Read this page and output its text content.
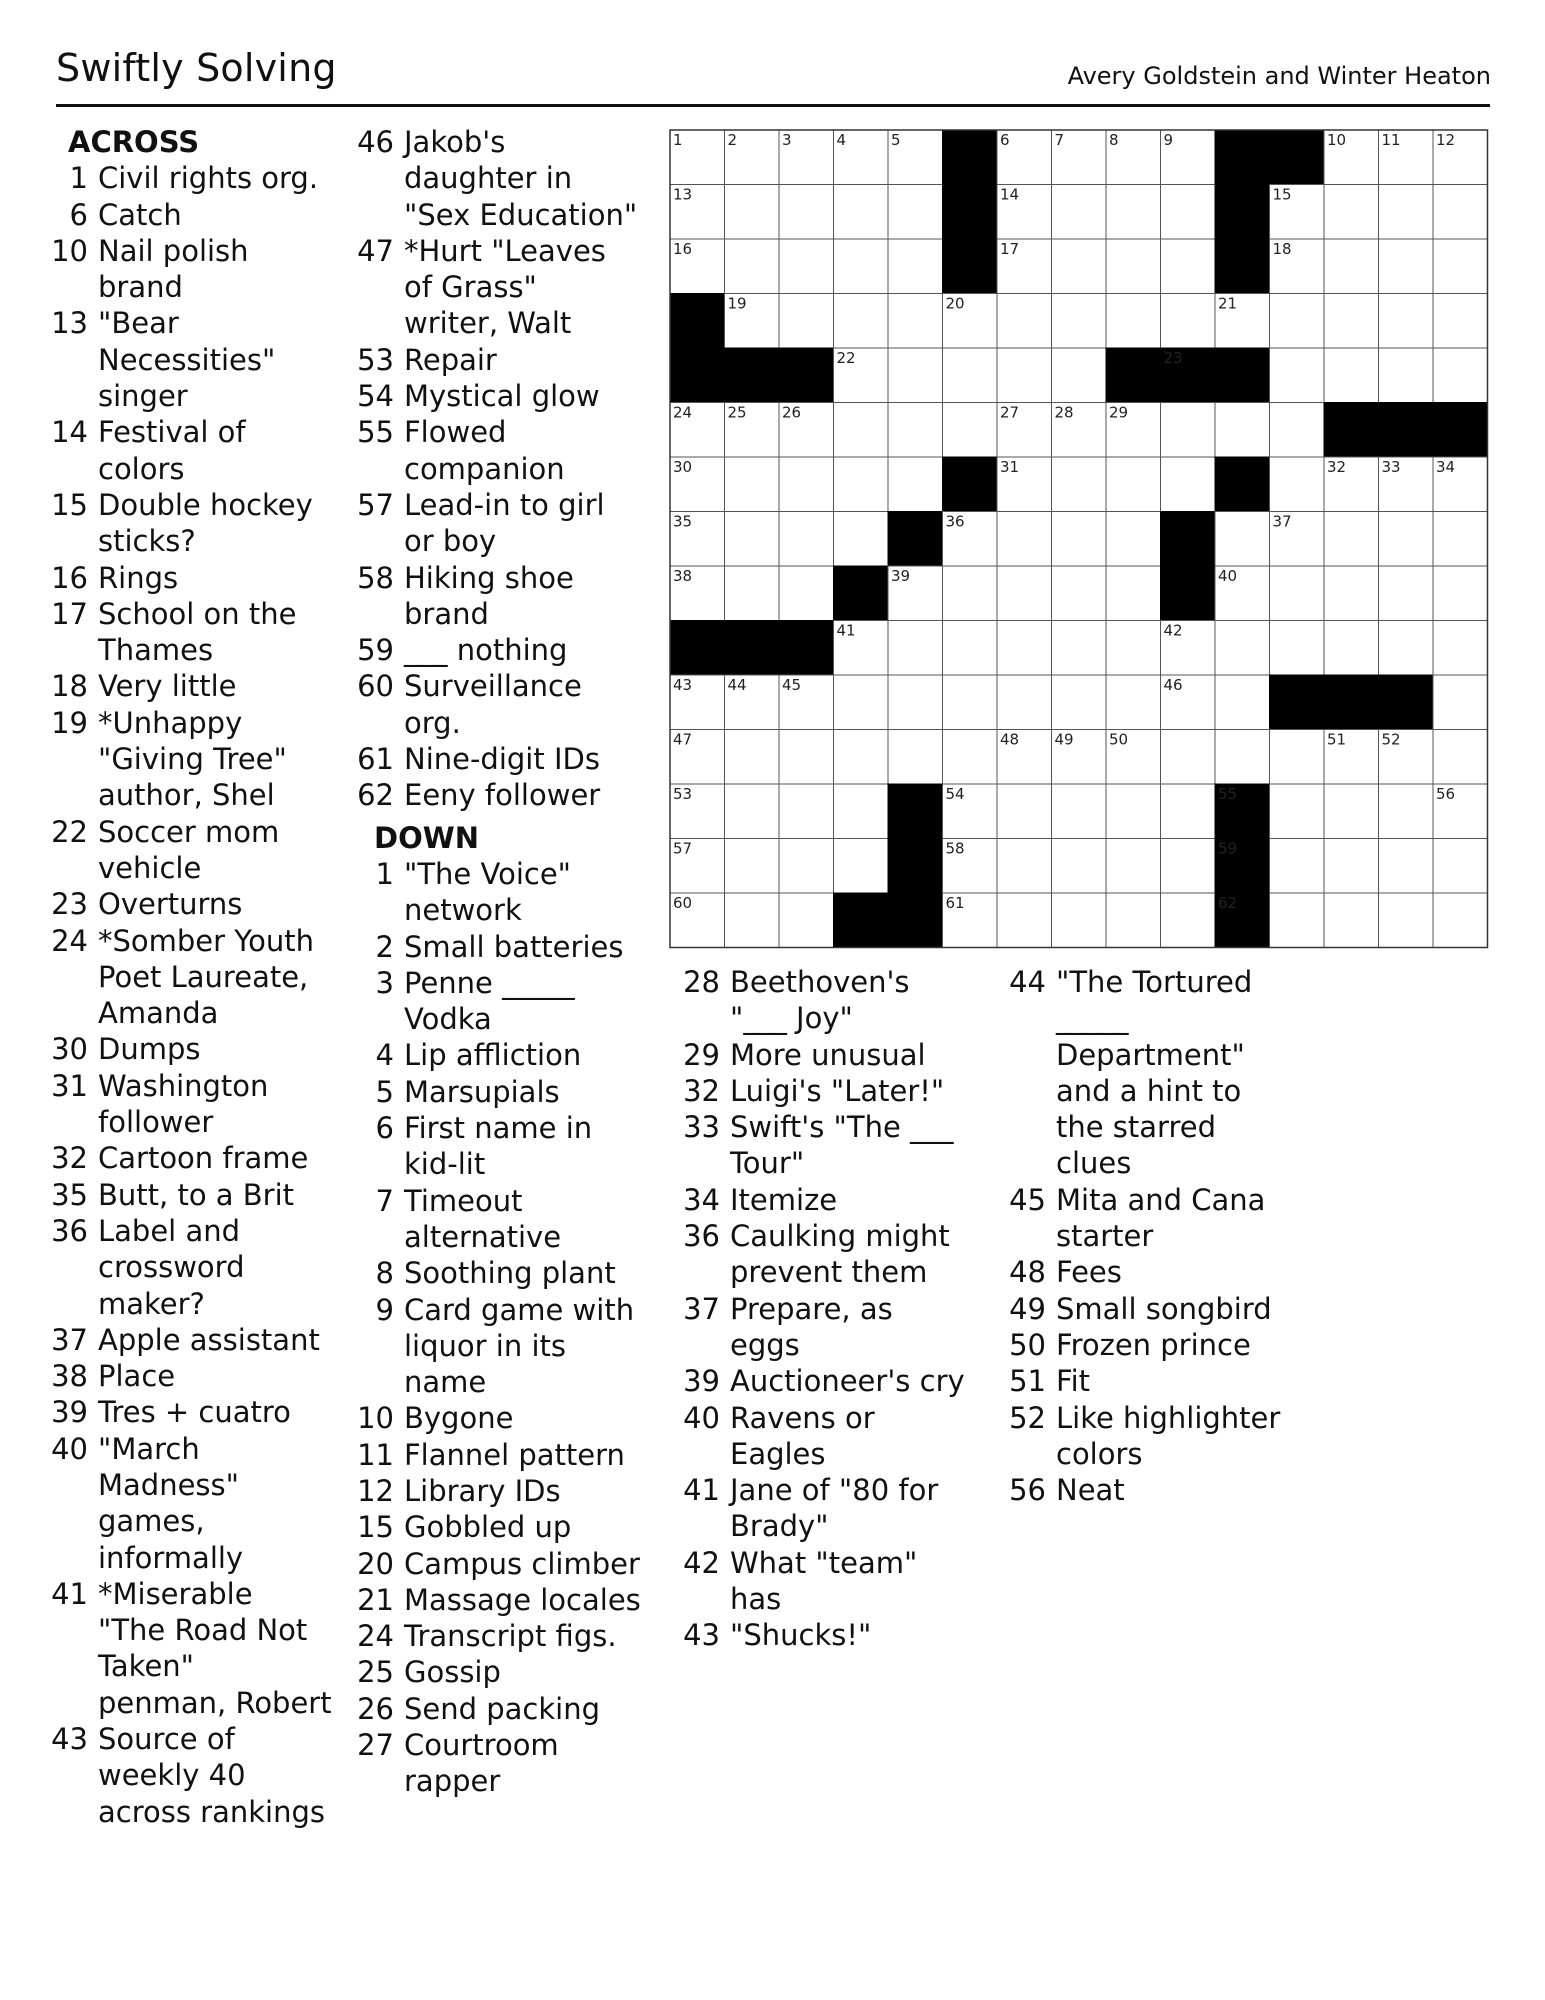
Swiftly Solving	Avery Goldstein and Winter Heaton
ACROSS
1 Civil rights org.
6 Catch
10 Nail polish
brand
13 "Bear
Necessities"
singer
14 Festival of
colors
15 Double hockey
sticks?
16 Rings
17 School on the
Thames
18 Very little
19 *Unhappy
"Giving Tree"
author, Shel
22 Soccer mom
vehicle
23 Overturns
24 *Somber Youth
Poet Laureate,
Amanda
30 Dumps
31 Washington
follower
32 Cartoon frame
35 Butt, to a Brit
36 Label and
crossword
maker?
37 Apple assistant
38 Place
39 Tres + cuatro
40 "March
Madness"
games,
informally
41 *Miserable
"The Road Not
Taken"
penman, Robert
43 Source of
weekly 40
across rankings
46 Jakob's
daughter in
"Sex Education"
47 *Hurt "Leaves
of Grass"
writer, Walt
53 Repair
54 Mystical glow
55 Flowed
companion
57 Lead-in to girl
or boy
58 Hiking shoe
brand
59 ___ nothing
60 Surveillance
org.
61 Nine-digit IDs
62 Eeny follower
DOWN
1 "The Voice"
network
2 Small batteries
3 Penne _____
Vodka
4 Lip affliction
5 Marsupials
6 First name in
kid-lit
7 Timeout
alternative
8 Soothing plant
9 Card game with
liquor in its
name
10 Bygone
11 Flannel pattern
12 Library IDs
15 Gobbled up
20 Campus climber
21 Massage locales
24 Transcript figs.
25 Gossip
26 Send packing
27 Courtroom
rapper
28 Beethoven's
"___ Joy"
29 More unusual
32 Luigi's "Later!"
33 Swift's "The ___
Tour"
34 Itemize
36 Caulking might
prevent them
37 Prepare, as
eggs
39 Auctioneer's cry
40 Ravens or
Eagles
41 Jane of "80 for
Brady"
42 What "team"
has
43 "Shucks!"
44 "The Tortured
_____
Department"
and a hint to
the starred
clues
45 Mita and Cana
starter
48 Fees
49 Small songbird
50 Frozen prince
51 Fit
52 Like highlighter
colors
56 Neat
1	2	3	4	5	6	7	8	9	10 11 12
13	14	15
16	17	18
19	20	21
22	23
24 25 26	27 28 29
30	31	32 33 34
35	36	37
38	39	40
41	42
43 44 45	46
47	48 49 50	51 52
53	54	55	56
57	58	59
60	61	62
